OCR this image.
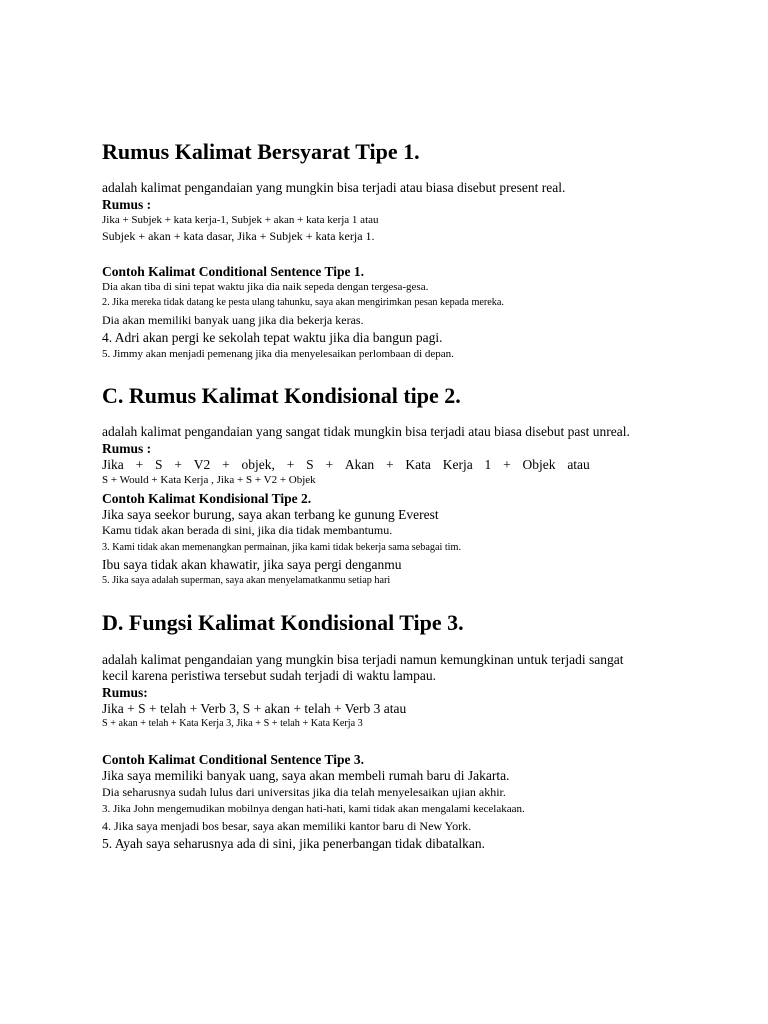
Rumus Kalimat Bersyarat Tipe 1.

adalah kalimat pengandaian yang mungkin bisa terjadi atau biasa disebut present real.

Rumus :

Jika + Subjek + kata kerja-1, Subjek + akan + kata kerja 1 atau

Subjek + akan + kata dasar, Jika + Subjek + kata kerja 1.

Contoh Kalimat Conditional Sentence Tipe 1.

Dia akan tiba di sini tepat waktu jika dia naik sepeda dengan tergesa-gesa.

2. Jika mereka tidak datang ke pesta ulang tahunku, saya akan mengirimkan pesan kepada mereka.

Dia akan memiliki banyak uang jika dia bekerja keras.

4. Adri akan pergi ke sekolah tepat waktu jika dia bangun pagi.

5. Jimmy akan menjadi pemenang jika dia menyelesaikan perlombaan di depan.

C. Rumus Kalimat Kondisional tipe 2.

adalah kalimat pengandaian yang sangat tidak mungkin bisa terjadi atau biasa disebut past unreal.

Rumus :

Jika + S + V2 + objek, + S + Akan + Kata Kerja 1 + Objek atau

S + Would + Kata Kerja , Jika + S + V2 + Objek

Contoh Kalimat Kondisional Tipe 2.

Jika saya seekor burung, saya akan terbang ke gunung Everest

Kamu tidak akan berada di sini, jika dia tidak membantumu.

3. Kami tidak akan memenangkan permainan, jika kami tidak bekerja sama sebagai tim.

Ibu saya tidak akan khawatir, jika saya pergi denganmu

5. Jika saya adalah superman, saya akan menyelamatkanmu setiap hari

D. Fungsi Kalimat Kondisional Tipe 3.

adalah kalimat pengandaian yang mungkin bisa terjadi namun kemungkinan untuk terjadi sangat

kecil karena peristiwa tersebut sudah terjadi di waktu lampau.

Rumus:

Jika + S + telah + Verb 3, S + akan + telah + Verb 3 atau

S + akan + telah + Kata Kerja 3, Jika + S + telah + Kata Kerja 3

Contoh Kalimat Conditional Sentence Tipe 3.

Jika saya memiliki banyak uang, saya akan membeli rumah baru di Jakarta.

Dia seharusnya sudah lulus dari universitas jika dia telah menyelesaikan ujian akhir.

3. Jika John mengemudikan mobilnya dengan hati-hati, kami tidak akan mengalami kecelakaan.

4. Jika saya menjadi bos besar, saya akan memiliki kantor baru di New York.

5. Ayah saya seharusnya ada di sini, jika penerbangan tidak dibatalkan.
